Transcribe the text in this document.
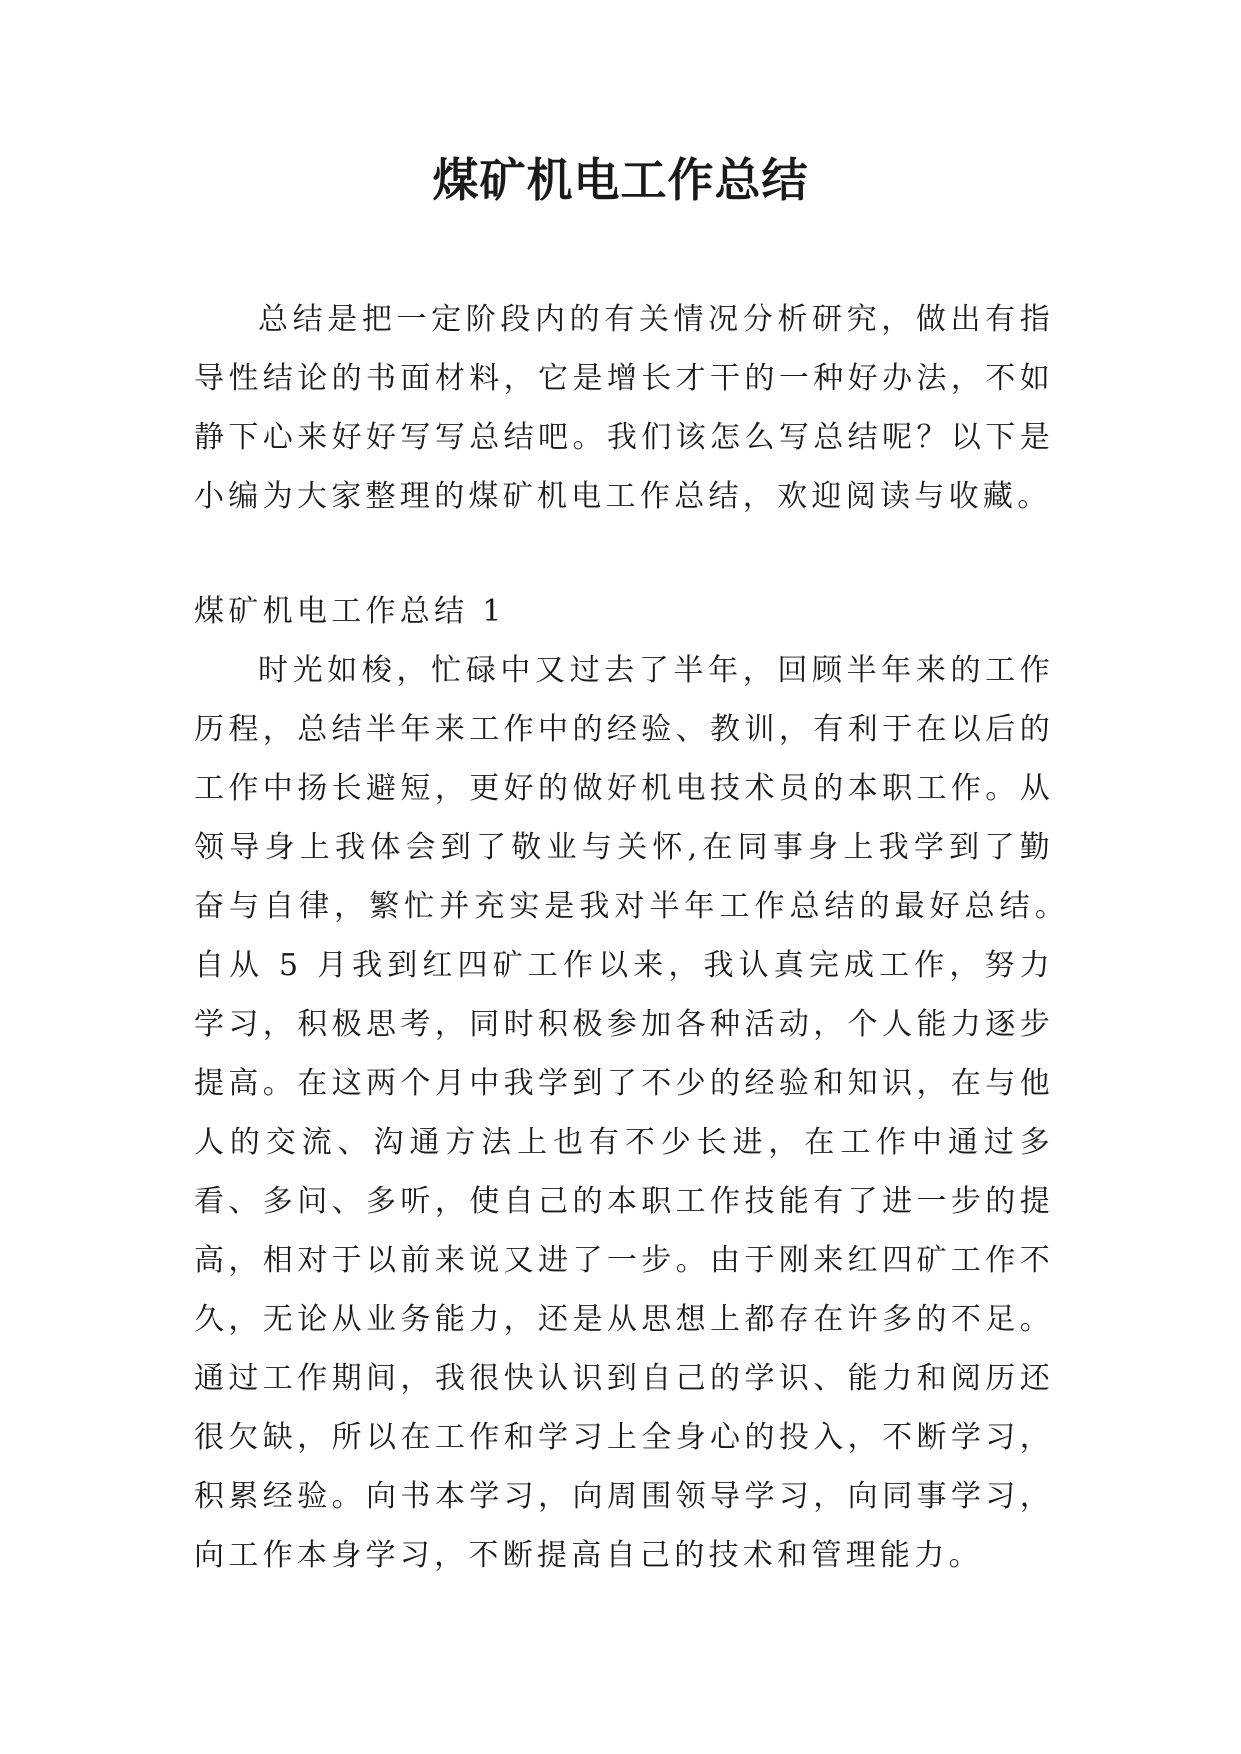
煤矿机电工作总结

总结是把一定阶段内的有关情况分析研究，做出有指导性结论的书面材料，它是增长才干的一种好办法，不如静下心来好好写写总结吧。我们该怎么写总结呢？以下是小编为大家整理的煤矿机电工作总结，欢迎阅读与收藏。

煤矿机电工作总结 1

时光如梭，忙碌中又过去了半年，回顾半年来的工作历程，总结半年来工作中的经验、教训，有利于在以后的工作中扬长避短，更好的做好机电技术员的本职工作。从领导身上我体会到了敬业与关怀,在同事身上我学到了勤奋与自律，繁忙并充实是我对半年工作总结的最好总结。　自从 5 月我到红四矿工作以来，我认真完成工作，努力学习，积极思考，同时积极参加各种活动，个人能力逐步提高。在这两个月中我学到了不少的经验和知识，在与他人的交流、沟通方法上也有不少长进，在工作中通过多看、多问、多听，使自己的本职工作技能有了进一步的提高，相对于以前来说又进了一步。由于刚来红四矿工作不久，无论从业务能力，还是从思想上都存在许多的不足。通过工作期间，我很快认识到自己的学识、能力和阅历还很欠缺，所以在工作和学习上全身心的投入，不断学习，积累经验。向书本学习，向周围领导学习，向同事学习，向工作本身学习，不断提高自己的技术和管理能力。
